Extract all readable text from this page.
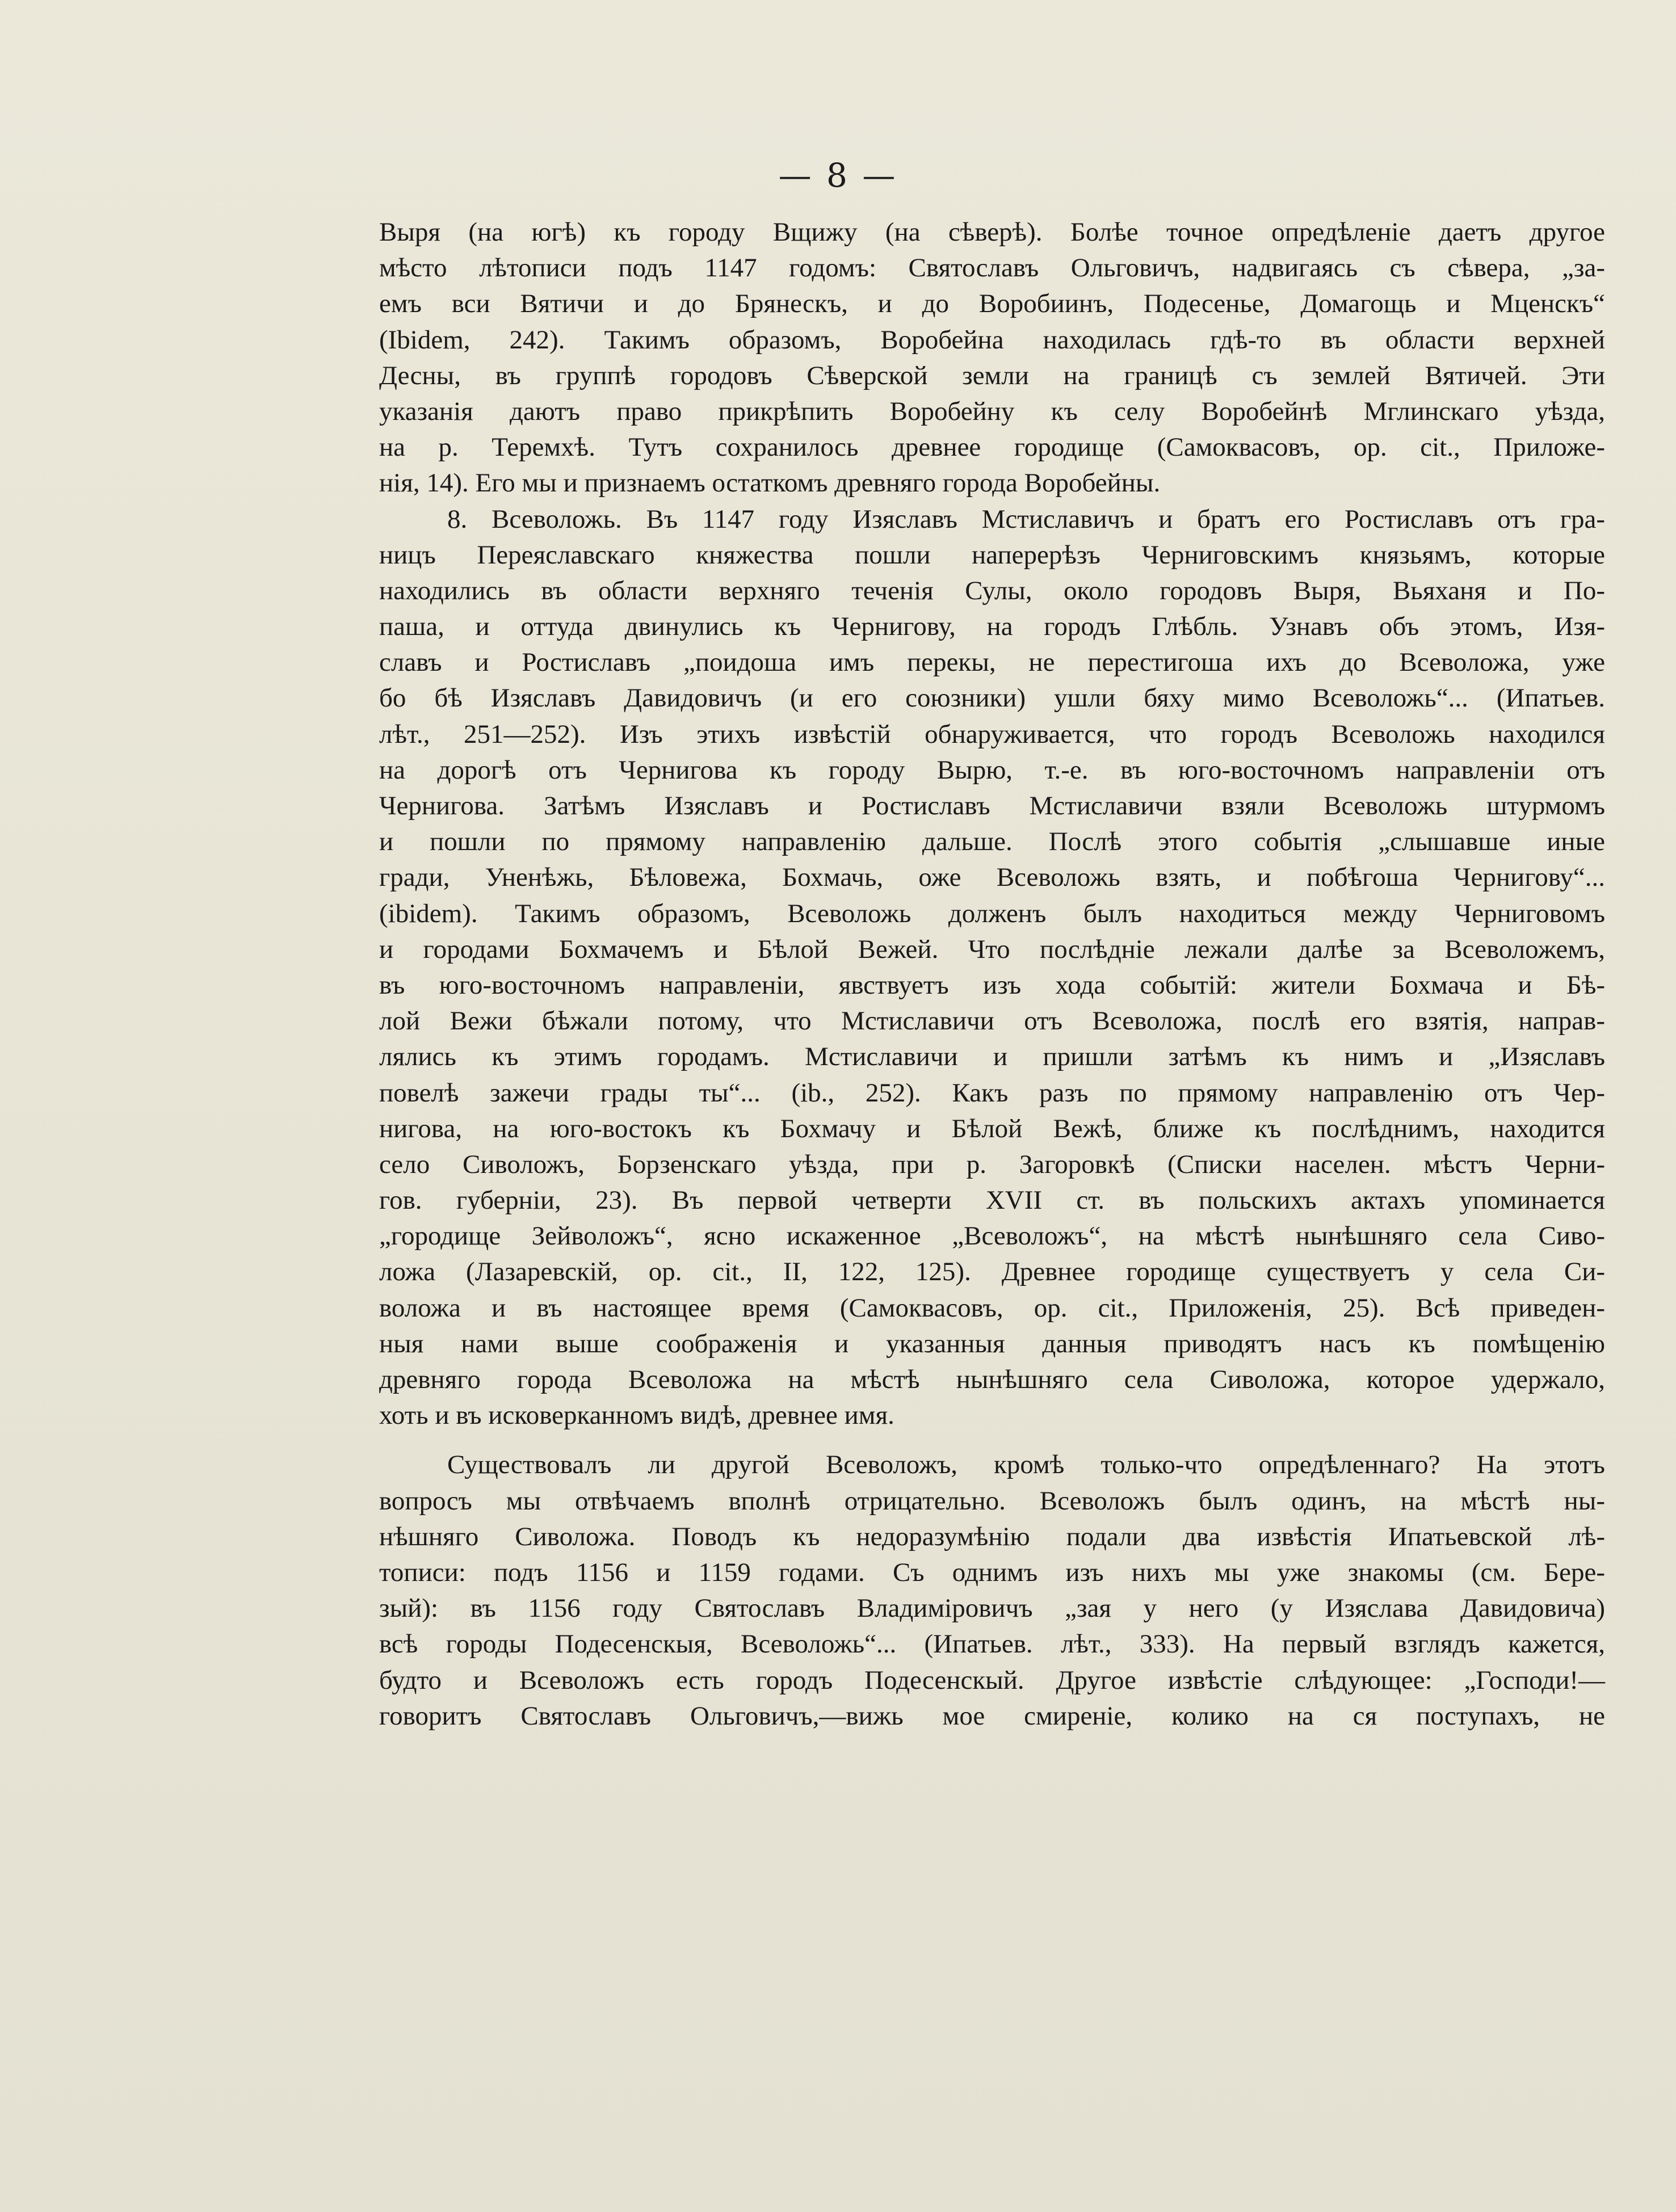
— 8 —
Выря (на югѣ) къ городу Вщижу (на сѣверѣ). Болѣе точное опредѣленіе даетъ другое
мѣсто лѣтописи подъ 1147 годомъ: Святославъ Ольговичъ, надвигаясь съ сѣвера, „за-
емъ вси Вятичи и до Брянескъ, и до Воробиинъ, Подесенье, Домагощь и Мценскъ“
(Ibidem, 242). Такимъ образомъ, Воробейна находилась гдѣ-то въ области верхней
Десны, въ группѣ городовъ Сѣверской земли на границѣ съ землей Вятичей. Эти
указанія даютъ право прикрѣпить Воробейну къ селу Воробейнѣ Мглинскаго уѣзда,
на р. Теремхѣ. Тутъ сохранилось древнее городище (Самоквасовъ, op. cit., Приложе-
нія, 14). Его мы и признаемъ остаткомъ древняго города Воробейны.
8. Всеволожь. Въ 1147 году Изяславъ Мстиславичъ и братъ его Ростиславъ отъ гра-
ницъ Переяславскаго княжества пошли наперерѣзъ Черниговскимъ князьямъ, которые
находились въ области верхняго теченія Сулы, около городовъ Выря, Вьяханя и По-
паша, и оттуда двинулись къ Чернигову, на городъ Глѣбль. Узнавъ объ этомъ, Изя-
славъ и Ростиславъ „поидоша имъ перекы, не перестигоша ихъ до Всеволожа, уже
бо бѣ Изяславъ Давидовичъ (и его союзники) ушли бяху мимо Всеволожь“... (Ипатьев.
лѣт., 251—252). Изъ этихъ извѣстій обнаруживается, что городъ Всеволожь находился
на дорогѣ отъ Чернигова къ городу Вырю, т.-е. въ юго-восточномъ направленіи отъ
Чернигова. Затѣмъ Изяславъ и Ростиславъ Мстиславичи взяли Всеволожь штурмомъ
и пошли по прямому направленію дальше. Послѣ этого событія „слышавше иные
гради, Уненѣжь, Бѣловежа, Бохмачь, оже Всеволожь взять, и побѣгоша Чернигову“...
(ibidem). Такимъ образомъ, Всеволожь долженъ былъ находиться между Черниговомъ
и городами Бохмачемъ и Бѣлой Вежей. Что послѣдніе лежали далѣе за Всеволожемъ,
въ юго-восточномъ направленіи, явствуетъ изъ хода событій: жители Бохмача и Бѣ-
лой Вежи бѣжали потому, что Мстиславичи отъ Всеволожа, послѣ его взятія, направ-
лялись къ этимъ городамъ. Мстиславичи и пришли затѣмъ къ нимъ и „Изяславъ
повелѣ зажечи грады ты“... (ib., 252). Какъ разъ по прямому направленію отъ Чер-
нигова, на юго-востокъ къ Бохмачу и Бѣлой Вежѣ, ближе къ послѣднимъ, находится
село Сиволожъ, Борзенскаго уѣзда, при р. Загоровкѣ (Списки населен. мѣстъ Черни-
гов. губерніи, 23). Въ первой четверти XVII ст. въ польскихъ актахъ упоминается
„городище Зейволожъ“, ясно искаженное „Всеволожъ“, на мѣстѣ нынѣшняго села Сиво-
ложа (Лазаревскій, op. cit., II, 122, 125). Древнее городище существуетъ у села Си-
воложа и въ настоящее время (Самоквасовъ, op. cit., Приложенія, 25). Всѣ приведен-
ныя нами выше соображенія и указанныя данныя приводятъ насъ къ помѣщенію
древняго города Всеволожа на мѣстѣ нынѣшняго села Сиволожа, которое удержало,
хоть и въ исковерканномъ видѣ, древнее имя.
Существовалъ ли другой Всеволожъ, кромѣ только-что опредѣленнаго? На этотъ
вопросъ мы отвѣчаемъ вполнѣ отрицательно. Всеволожъ былъ одинъ, на мѣстѣ ны-
нѣшняго Сиволожа. Поводъ къ недоразумѣнію подали два извѣстія Ипатьевской лѣ-
тописи: подъ 1156 и 1159 годами. Съ однимъ изъ нихъ мы уже знакомы (см. Бере-
зый): въ 1156 году Святославъ Владиміровичъ „зая у него (у Изяслава Давидовича)
всѣ городы Подесенскыя, Всеволожь“... (Ипатьев. лѣт., 333). На первый взглядъ кажется,
будто и Всеволожъ есть городъ Подесенскый. Другое извѣстіе слѣдующее: „Господи!—
говоритъ Святославъ Ольговичъ,—вижь мое смиреніе, колико на ся поступахъ, не
